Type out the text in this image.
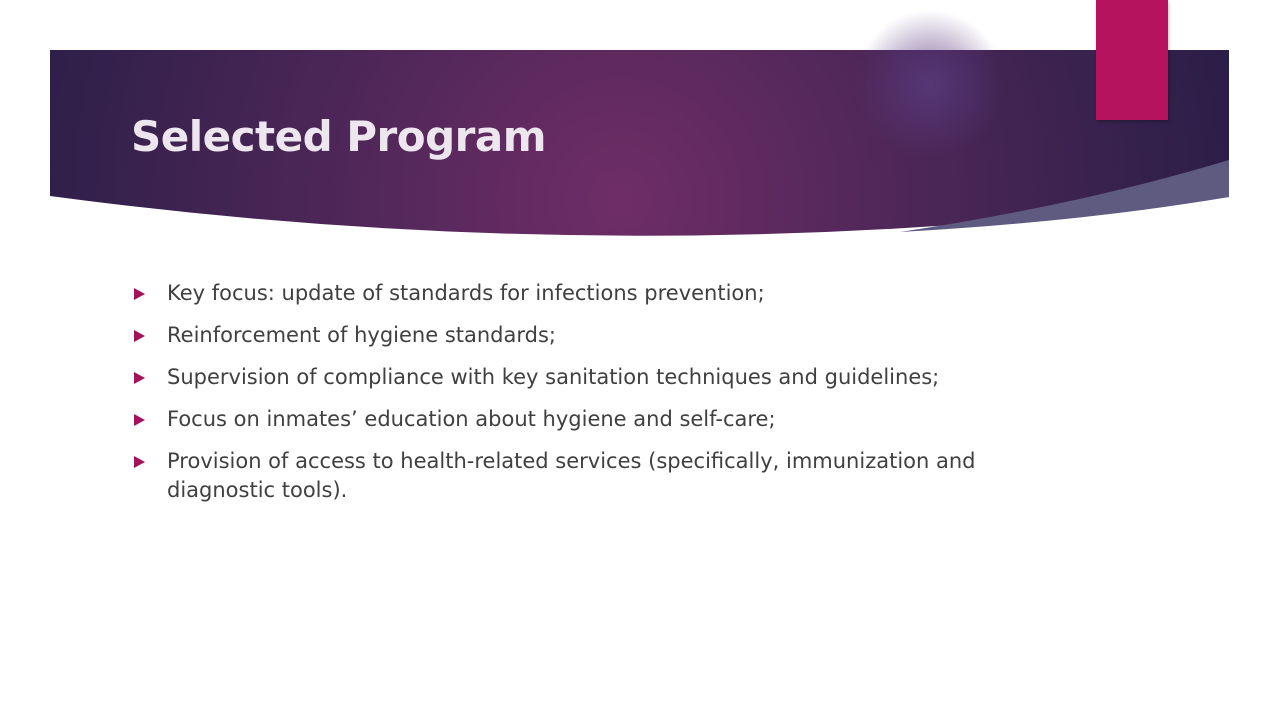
Selected Program
Key focus: update of standards for infections prevention;
Reinforcement of hygiene standards;
Supervision of compliance with key sanitation techniques and guidelines;
Focus on inmates’ education about hygiene and self-care;
Provision of access to health-related services (specifically, immunization and diagnostic tools).
